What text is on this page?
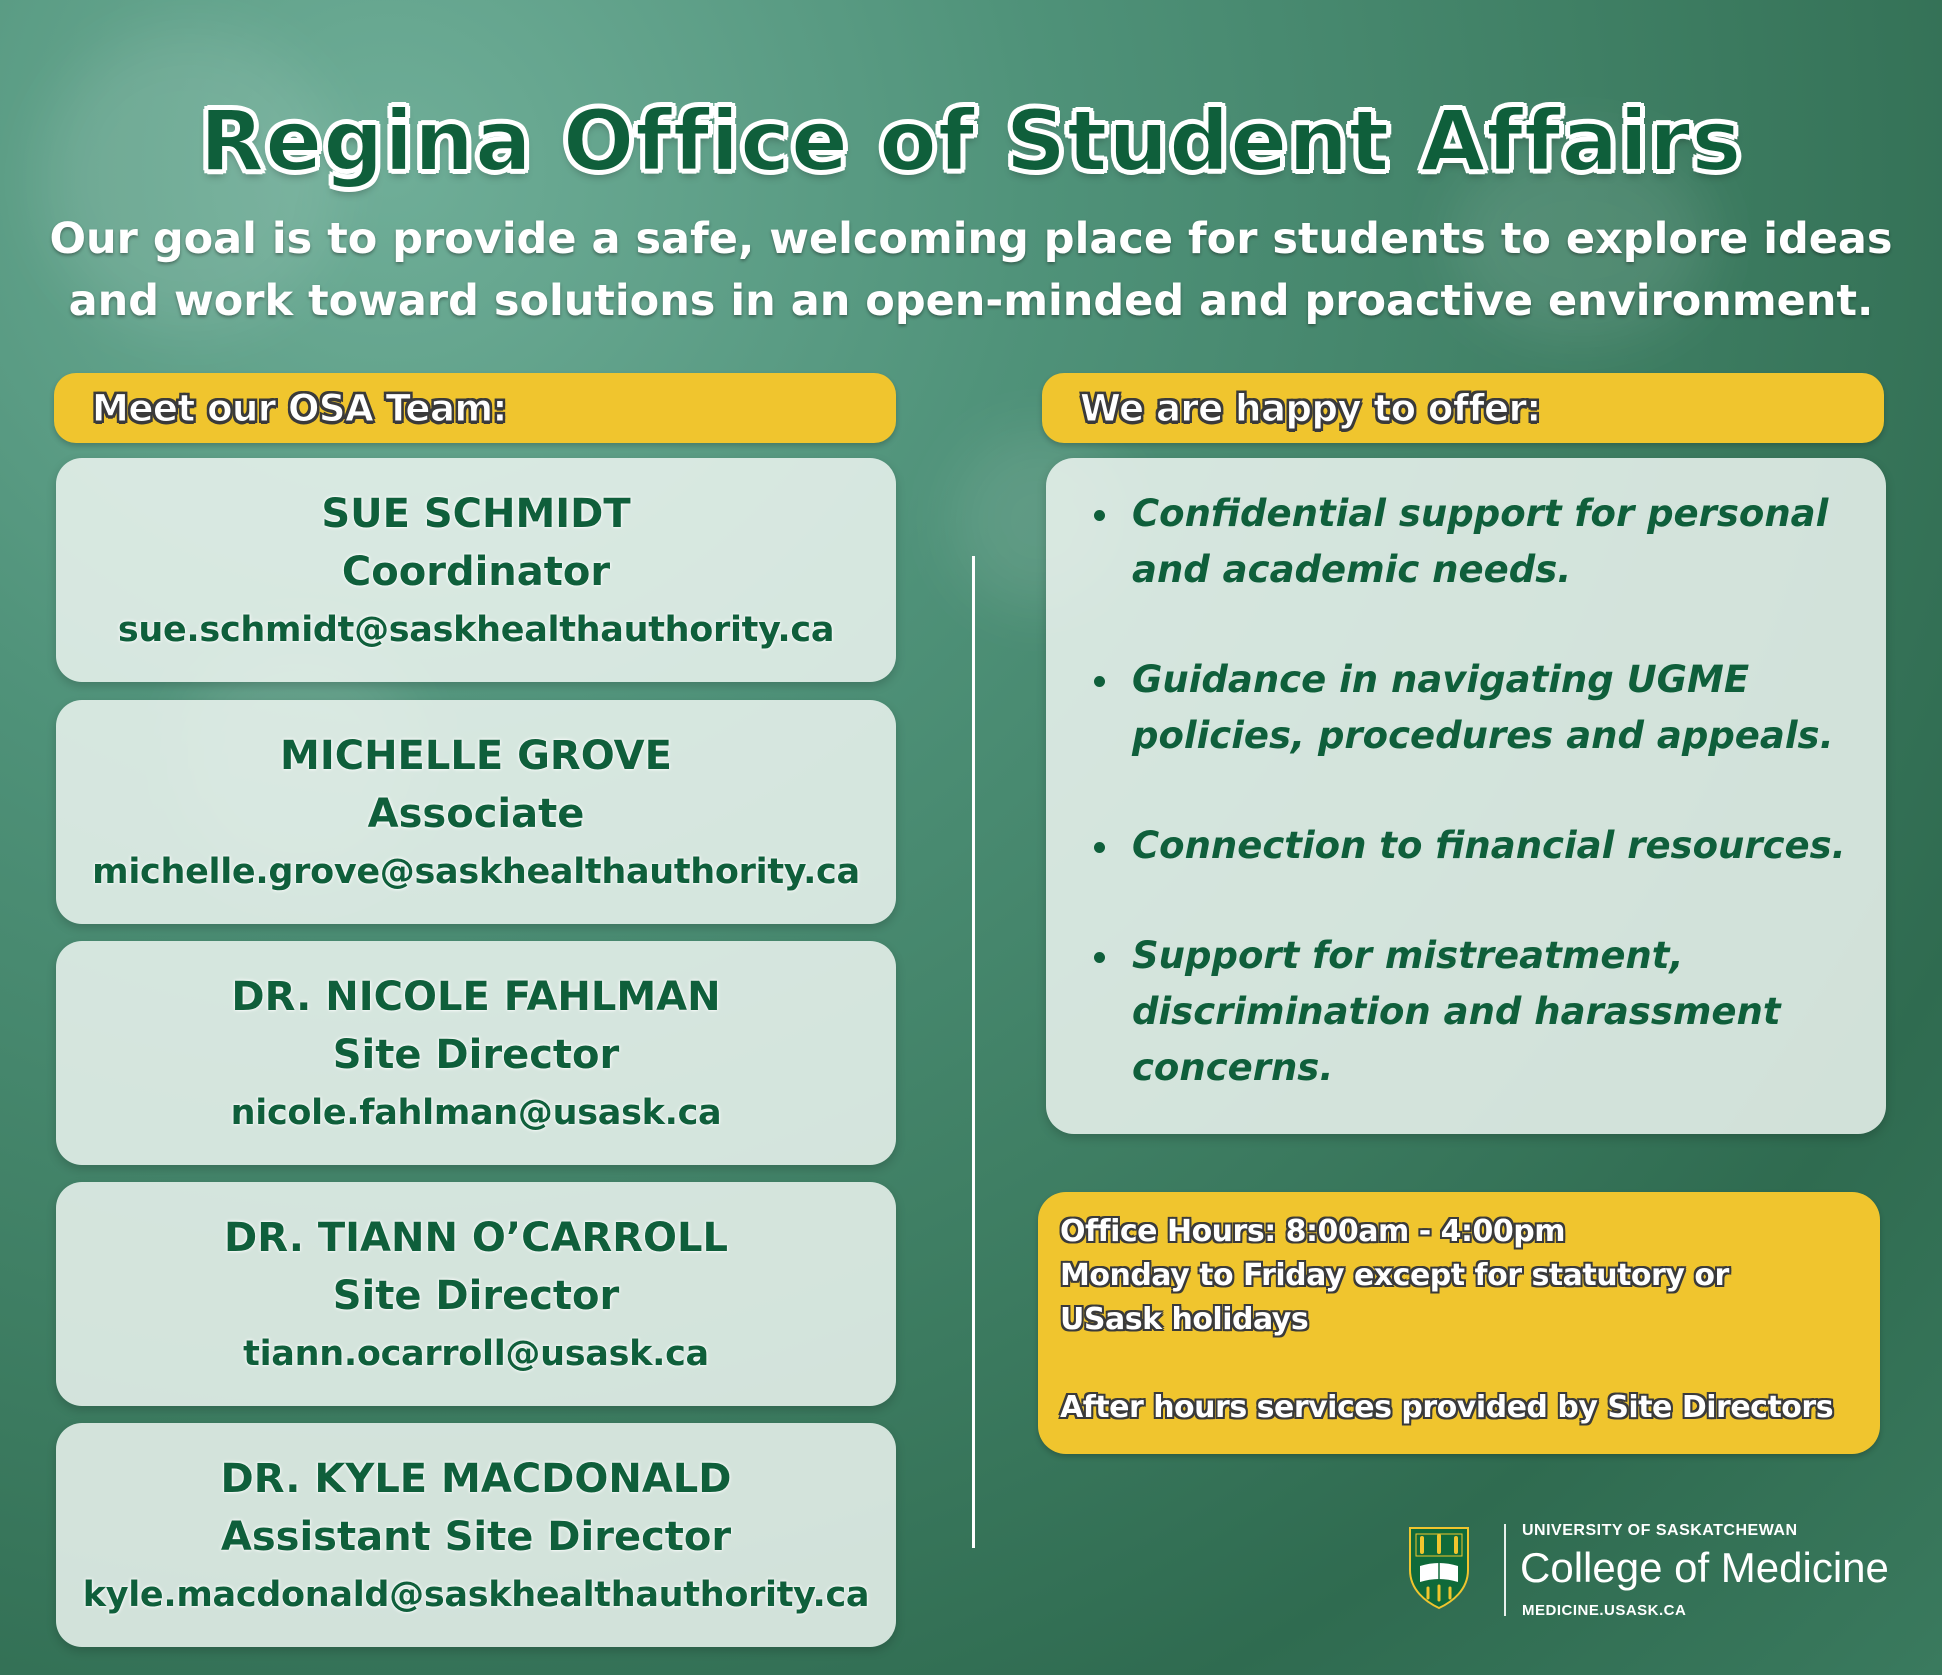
Regina Office of Student Affairs
Our goal is to provide a safe, welcoming place for students to explore ideas
and work toward solutions in an open-minded and proactive environment.
Meet our OSA Team:	We are happy to offer:
SUE SCHMIDT
Coordinator
sue.schmidt@saskhealthauthority.ca
MICHELLE GROVE
Associate
michelle.grove@saskhealthauthority.ca
DR. NICOLE FAHLMAN
Site Director
nicole.fahlman@usask.ca
DR. TIANN O’CARROLL
Site Director
tiann.ocarroll@usask.ca
DR. KYLE MACDONALD
Assistant Site Director
kyle.macdonald@saskhealthauthority.ca
Confidential support for personal
and academic needs.
Guidance in navigating UGME
policies, procedures and appeals.
Connection to financial resources.
Support for mistreatment,
discrimination and harassment
concerns.
Office Hours: 8:00am - 4:00pm
Monday to Friday except for statutory or
USask holidays
After hours services provided by Site Directors
UNIVERSITY OF SASKATCHEWAN
College of Medicine
MEDICINE.USASK.CA
